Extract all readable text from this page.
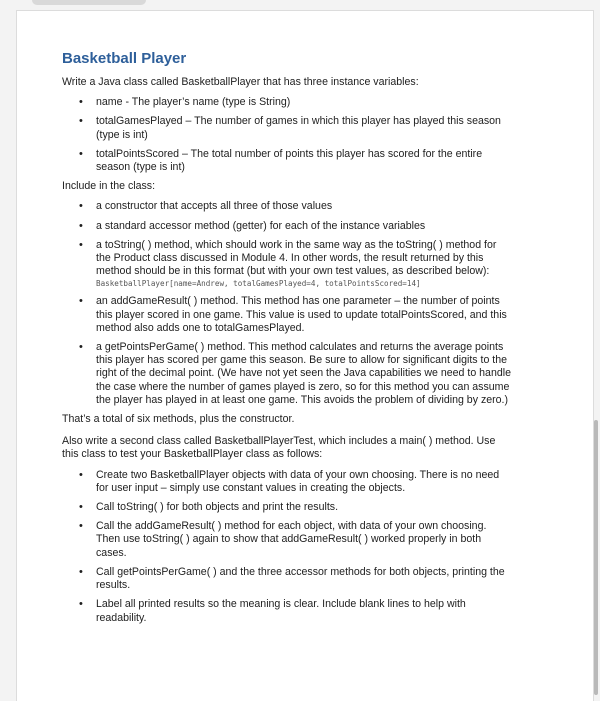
Basketball Player

Write a Java class called BasketballPlayer that has three instance variables:

• name - The player’s name (type is String)
• totalGamesPlayed – The number of games in which this player has played this season (type is int)
• totalPointsScored – The total number of points this player has scored for the entire season (type is int)

Include in the class:

• a constructor that accepts all three of those values
• a standard accessor method (getter) for each of the instance variables
• a toString( ) method, which should work in the same way as the toString( ) method for the Product class discussed in Module 4. In other words, the result returned by this method should be in this format (but with your own test values, as described below):
BasketballPlayer[name=Andrew, totalGamesPlayed=4, totalPointsScored=14]
• an addGameResult( ) method. This method has one parameter – the number of points this player scored in one game. This value is used to update totalPointsScored, and this method also adds one to totalGamesPlayed.
• a getPointsPerGame( ) method. This method calculates and returns the average points this player has scored per game this season. Be sure to allow for significant digits to the right of the decimal point. (We have not yet seen the Java capabilities we need to handle the case where the number of games played is zero, so for this method you can assume the player has played in at least one game. This avoids the problem of dividing by zero.)

That’s a total of six methods, plus the constructor.

Also write a second class called BasketballPlayerTest, which includes a main( ) method. Use this class to test your BasketballPlayer class as follows:

• Create two BasketballPlayer objects with data of your own choosing. There is no need for user input – simply use constant values in creating the objects.
• Call toString( ) for both objects and print the results.
• Call the addGameResult( ) method for each object, with data of your own choosing. Then use toString( ) again to show that addGameResult( ) worked properly in both cases.
• Call getPointsPerGame( ) and the three accessor methods for both objects, printing the results.
• Label all printed results so the meaning is clear. Include blank lines to help with readability.
